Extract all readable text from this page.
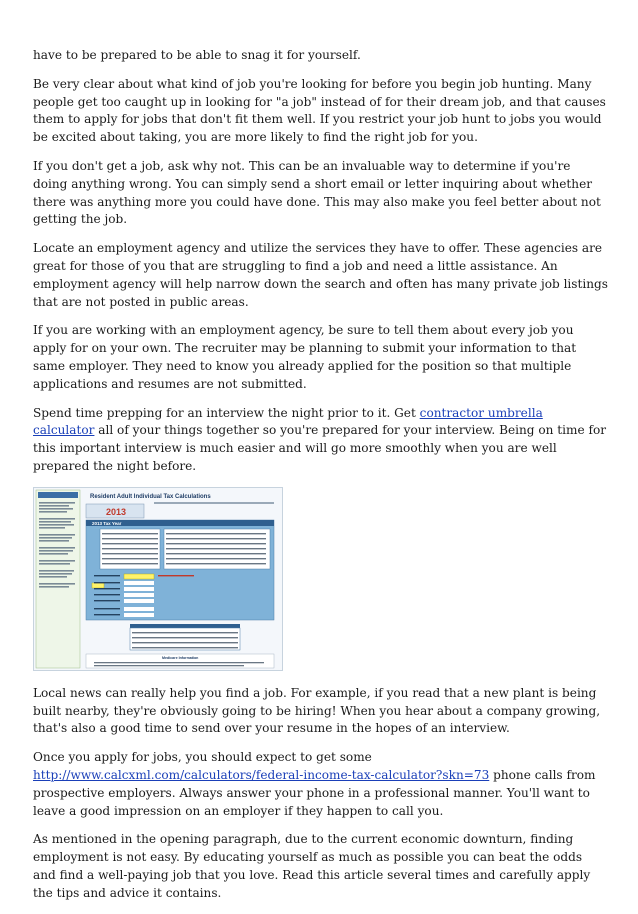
have to be prepared to be able to snag it for yourself.

Be very clear about what kind of job you're looking for before you begin job hunting. Many people get too caught up in looking for "a job" instead of for their dream job, and that causes them to apply for jobs that don't fit them well. If you restrict your job hunt to jobs you would be excited about taking, you are more likely to find the right job for you.

If you don't get a job, ask why not. This can be an invaluable way to determine if you're doing anything wrong. You can simply send a short email or letter inquiring about whether there was anything more you could have done. This may also make you feel better about not getting the job.

Locate an employment agency and utilize the services they have to offer. These agencies are great for those of you that are struggling to find a job and need a little assistance. An employment agency will help narrow down the search and often has many private job listings that are not posted in public areas.

If you are working with an employment agency, be sure to tell them about every job you apply for on your own. The recruiter may be planning to submit your information to that same employer. They need to know you already applied for the position so that multiple applications and resumes are not submitted.

Spend time prepping for an interview the night prior to it. Get contractor umbrella calculator all of your things together so you're prepared for your interview. Being on time for this important interview is much easier and will go more smoothly when you are well prepared the night before.

Resident Adult Individual Tax Calculations
2013
2013 Tax Year
Medicare Information

Local news can really help you find a job. For example, if you read that a new plant is being built nearby, they're obviously going to be hiring! When you hear about a company growing, that's also a good time to send over your resume in the hopes of an interview.

Once you apply for jobs, you should expect to get some http://www.calcxml.com/calculators/federal-income-tax-calculator?skn=73 phone calls from prospective employers. Always answer your phone in a professional manner. You'll want to leave a good impression on an employer if they happen to call you.

As mentioned in the opening paragraph, due to the current economic downturn, finding employment is not easy. By educating yourself as much as possible you can beat the odds and find a well-paying job that you love. Read this article several times and carefully apply the tips and advice it contains.
